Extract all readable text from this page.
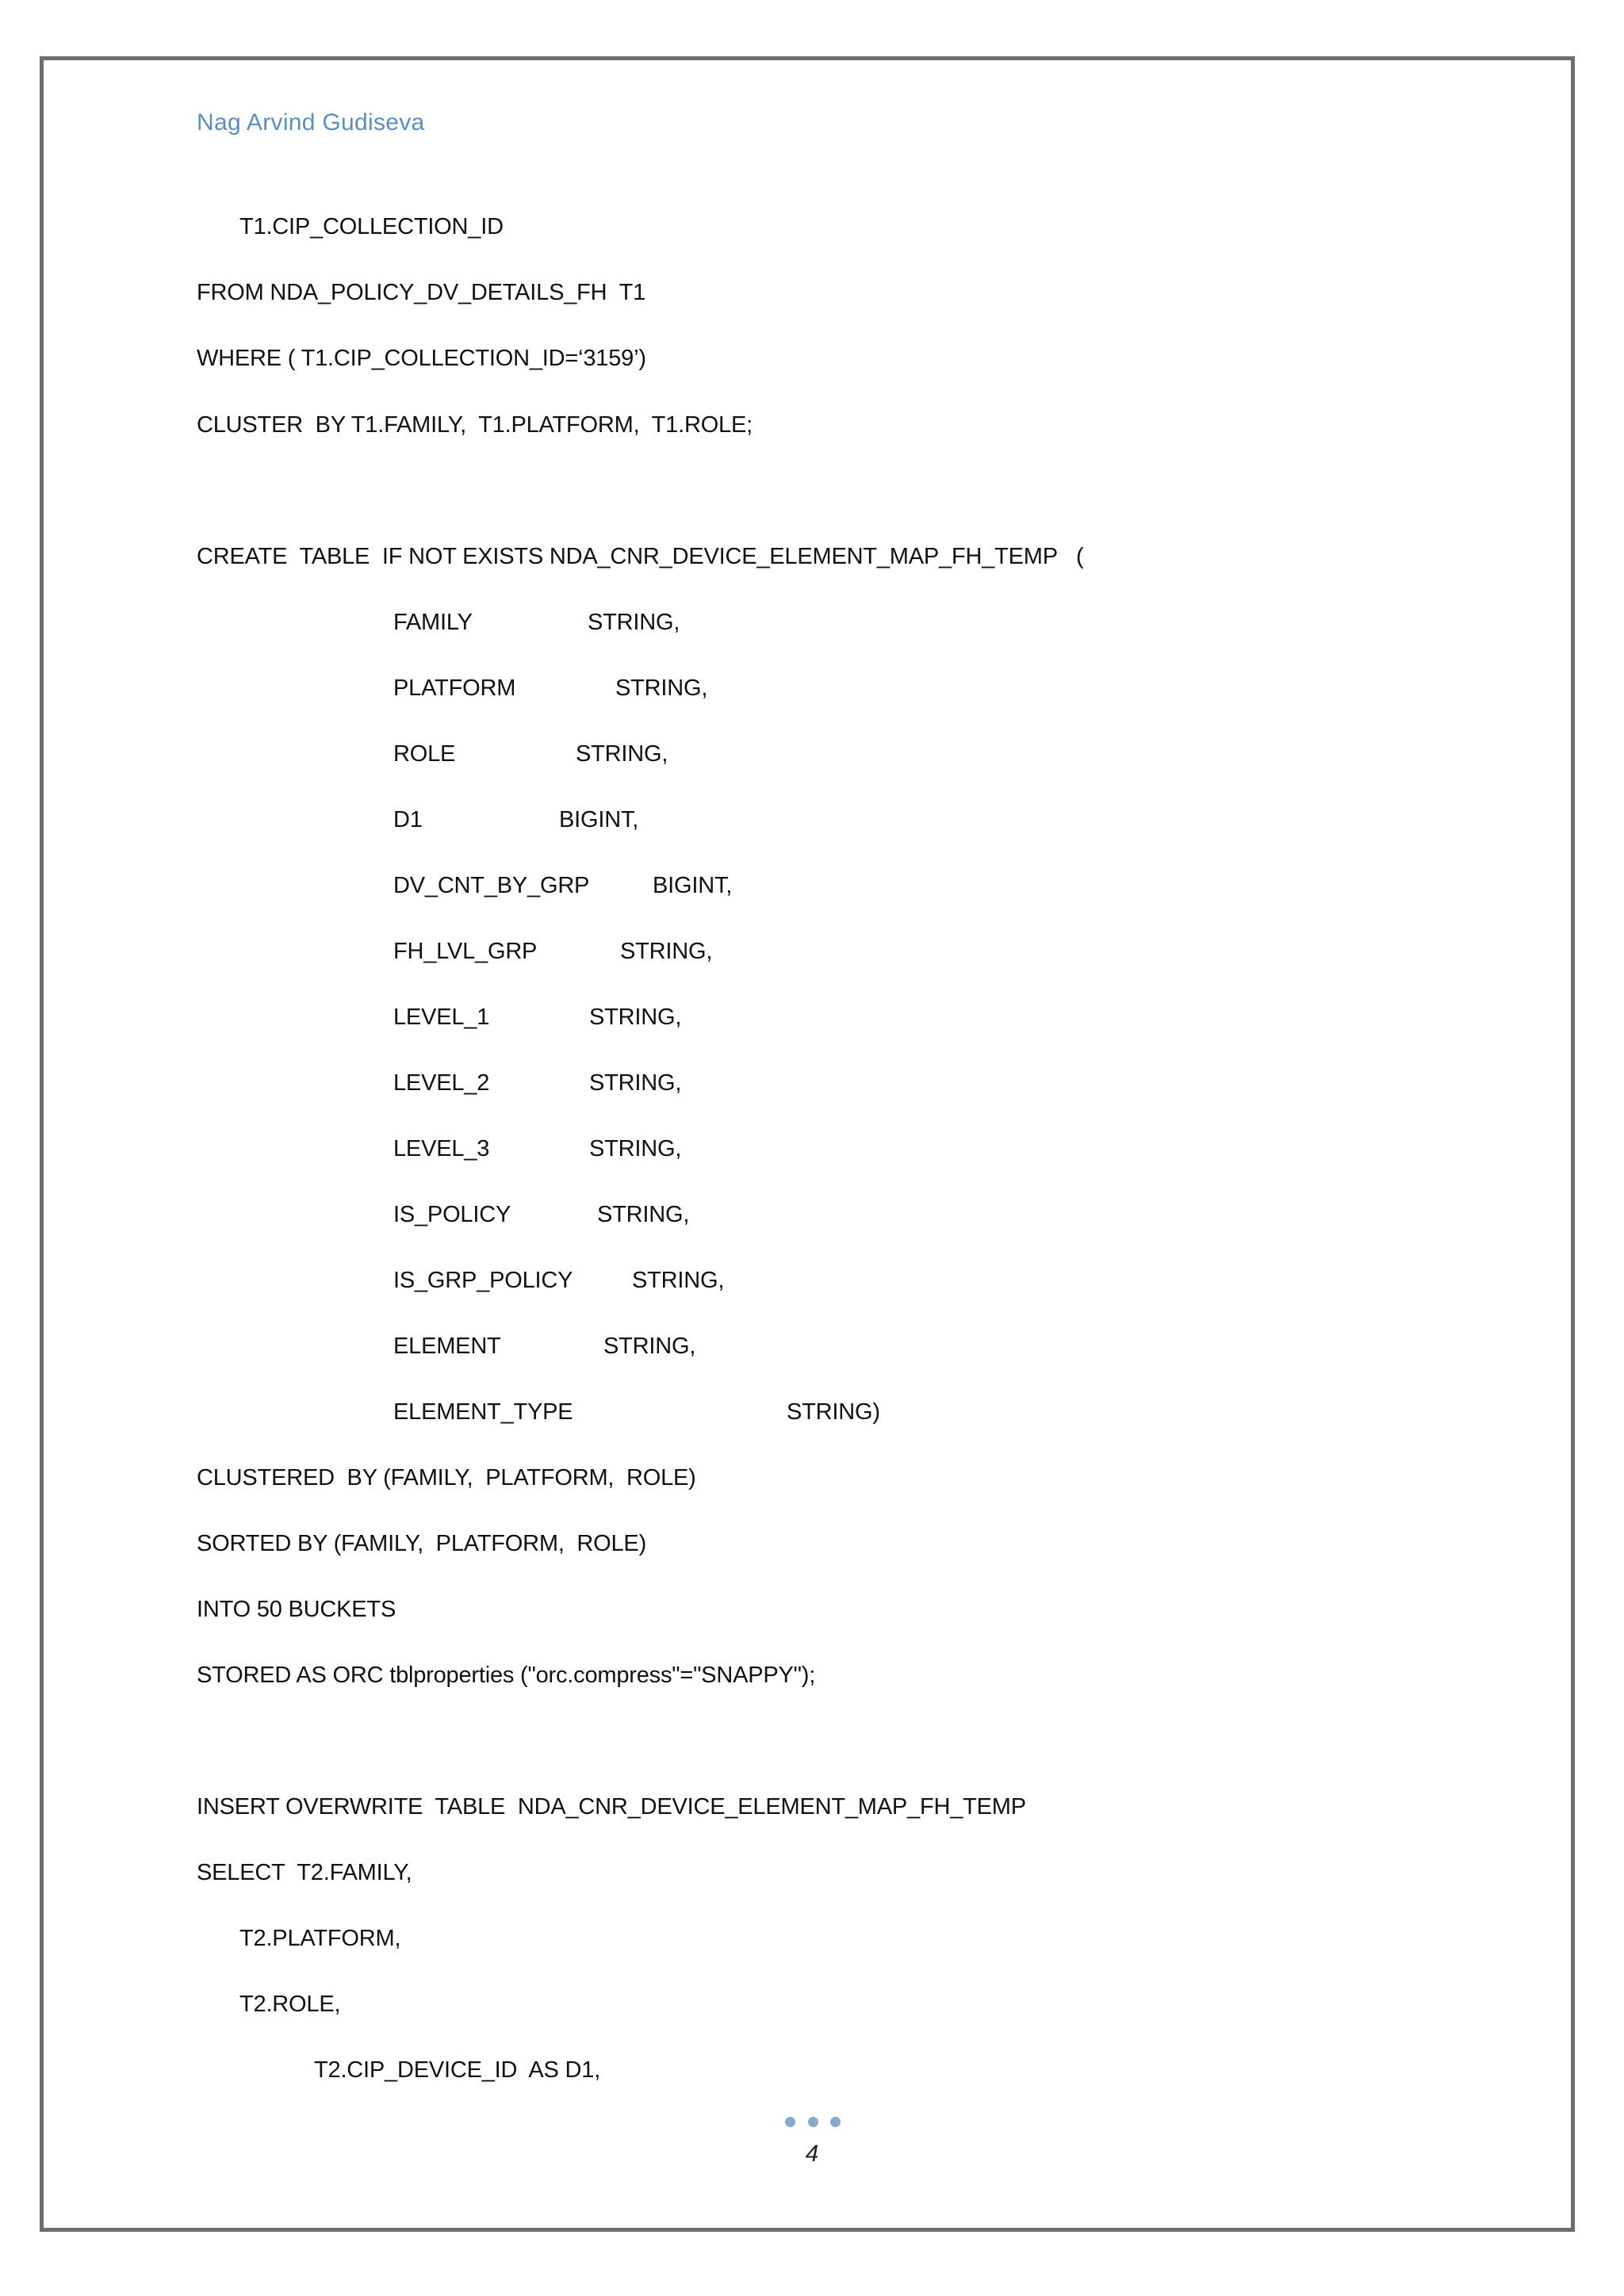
Nag Arvind Gudiseva
T1.CIP_COLLECTION_ID
FROM NDA_POLICY_DV_DETAILS_FH  T1
WHERE ( T1.CIP_COLLECTION_ID=‘3159’)
CLUSTER  BY T1.FAMILY,  T1.PLATFORM,  T1.ROLE;
CREATE  TABLE  IF NOT EXISTS NDA_CNR_DEVICE_ELEMENT_MAP_FH_TEMP   (
FAMILY	STRING,
PLATFORM	STRING,
ROLE	STRING,
D1	BIGINT,
DV_CNT_BY_GRP	BIGINT,
FH_LVL_GRP	STRING,
LEVEL_1	STRING,
LEVEL_2	STRING,
LEVEL_3	STRING,
IS_POLICY	STRING,
IS_GRP_POLICY	STRING,
ELEMENT	STRING,
ELEMENT_TYPE	STRING)
CLUSTERED  BY (FAMILY,  PLATFORM,  ROLE)
SORTED BY (FAMILY,  PLATFORM,  ROLE)
INTO 50 BUCKETS
STORED AS ORC tblproperties ("orc.compress"="SNAPPY");
INSERT OVERWRITE  TABLE  NDA_CNR_DEVICE_ELEMENT_MAP_FH_TEMP
SELECT  T2.FAMILY,
T2.PLATFORM,
T2.ROLE,
T2.CIP_DEVICE_ID  AS D1,
4
